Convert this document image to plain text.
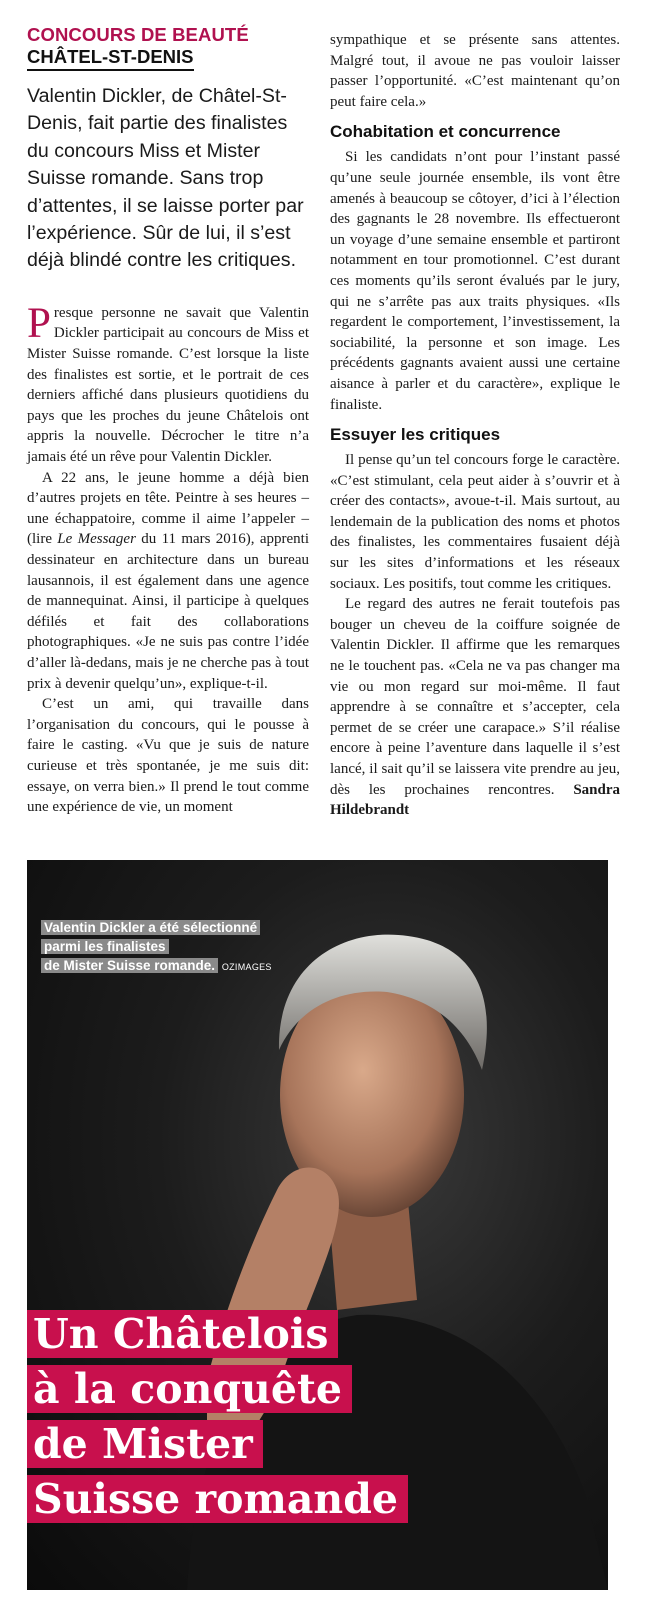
CONCOURS DE BEAUTÉ
CHÂTEL-ST-DENIS

Valentin Dickler, de Châtel-St-Denis, fait partie des finalistes du concours Miss et Mister Suisse romande. Sans trop d’attentes, il se laisse porter par l’expérience. Sûr de lui, il s’est déjà blindé contre les critiques.

Presque personne ne savait que Valentin Dickler participait au concours de Miss et Mister Suisse romande. C’est lorsque la liste des finalistes est sortie, et le portrait de ces derniers affiché dans plusieurs quotidiens du pays que les proches du jeune Châtelois ont appris la nouvelle. Décrocher le titre n’a jamais été un rêve pour Valentin Dickler.

A 22 ans, le jeune homme a déjà bien d’autres projets en tête. Peintre à ses heures – une échappatoire, comme il aime l’appeler – (lire Le Messager du 11 mars 2016), apprenti dessinateur en architecture dans un bureau lausannois, il est également dans une agence de mannequinat. Ainsi, il participe à quelques défilés et fait des collaborations photographiques. «Je ne suis pas contre l’idée d’aller là-dedans, mais je ne cherche pas à tout prix à devenir quelqu’un», explique-t-il.

C’est un ami, qui travaille dans l’organisation du concours, qui le pousse à faire le casting. «Vu que je suis de nature curieuse et très spontanée, je me suis dit: essaye, on verra bien.» Il prend le tout comme une expérience de vie, un moment

sympathique et se présente sans attentes. Malgré tout, il avoue ne pas vouloir laisser passer l’opportunité. «C’est maintenant qu’on peut faire cela.»

Cohabitation et concurrence

Si les candidats n’ont pour l’instant passé qu’une seule journée ensemble, ils vont être amenés à beaucoup se côtoyer, d’ici à l’élection des gagnants le 28 novembre. Ils effectueront un voyage d’une semaine ensemble et partiront notamment en tour promotionnel. C’est durant ces moments qu’ils seront évalués par le jury, qui ne s’arrête pas aux traits physiques. «Ils regardent le comportement, l’investissement, la sociabilité, la personne et son image. Les précédents gagnants avaient aussi une certaine aisance à parler et du caractère», explique le finaliste.

Essuyer les critiques

Il pense qu’un tel concours forge le caractère. «C’est stimulant, cela peut aider à s’ouvrir et à créer des contacts», avoue-t-il. Mais surtout, au lendemain de la publication des noms et photos des finalistes, les commentaires fusaient déjà sur les sites d’informations et les réseaux sociaux. Les positifs, tout comme les critiques.

Le regard des autres ne ferait toutefois pas bouger un cheveu de la coiffure soignée de Valentin Dickler. Il affirme que les remarques ne le touchent pas. «Cela ne va pas changer ma vie ou mon regard sur moi-même. Il faut apprendre à se connaître et s’accepter, cela permet de se créer une carapace.» S’il réalise encore à peine l’aventure dans laquelle il s’est lancé, il sait qu’il se laissera vite prendre au jeu, dès les prochaines rencontres. Sandra Hildebrandt

Valentin Dickler a été sélectionné
parmi les finalistes
de Mister Suisse romande. OZIMAGES
Un Châtelois
à la conquête
de Mister
Suisse romande
